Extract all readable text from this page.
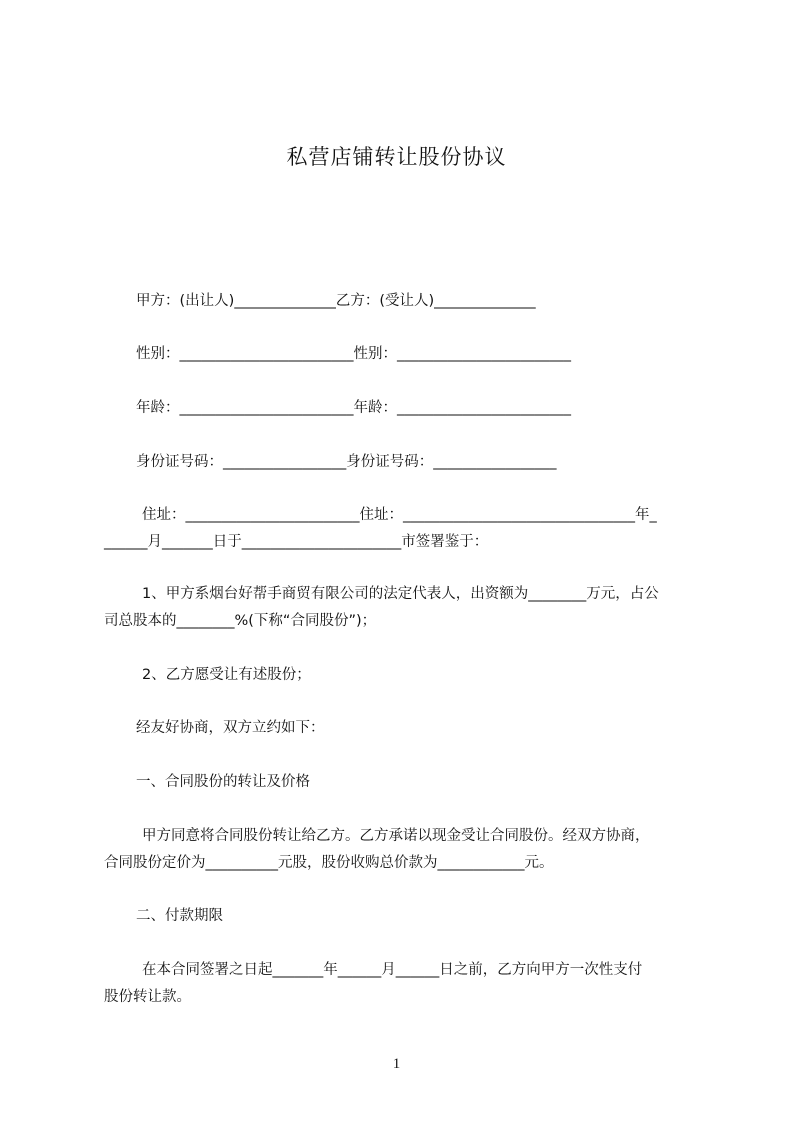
私营店铺转让股份协议
甲方：(出让人)______________乙方：(受让人)______________
性别：________________________性别：________________________
年龄：________________________年龄：________________________
身份证号码：_________________身份证号码：_________________
住址：________________________住址：________________________________年_
______月_______日于______________________市签署鉴于：
1、甲方系烟台好帮手商贸有限公司的法定代表人，出资额为________万元，占公
司总股本的________%(下称“合同股份”)；
2、乙方愿受让有述股份；
经友好协商，双方立约如下：
一、合同股份的转让及价格
甲方同意将合同股份转让给乙方。乙方承诺以现金受让合同股份。经双方协商，
合同股份定价为__________元股，股份收购总价款为____________元。
二、付款期限
在本合同签署之日起_______年______月______日之前，乙方向甲方一次性支付
股份转让款。
1
